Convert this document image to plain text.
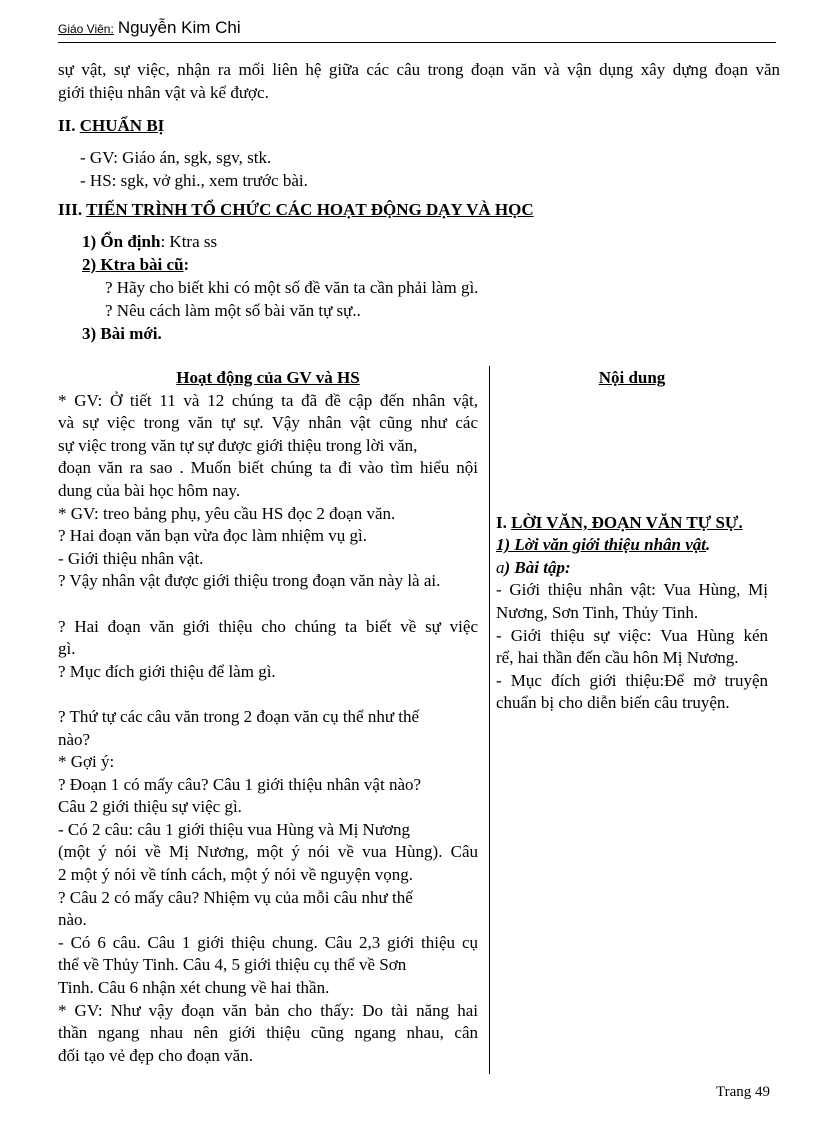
Giáo Viên: Nguyễn Kim Chi
sự vật, sự việc, nhận ra mối liên hệ giữa các câu trong đoạn văn và vận dụng xây dựng đoạn văn
giới thiệu nhân vật và kể được.
II. CHUẨN BỊ
- GV: Giáo án, sgk, sgv, stk.
- HS: sgk, vở ghi., xem trước bài.
III. TIẾN TRÌNH TỔ CHỨC CÁC HOẠT ĐỘNG DẠY VÀ HỌC
1) Ổn định: Ktra ss
2) Ktra bài cũ:
? Hãy cho biết khi có một số đề văn ta cần phải làm gì.
? Nêu cách làm một số bài văn tự sự..
3) Bài mới.
Hoạt động của GV và HS
* GV: Ở tiết 11 và 12 chúng ta đã đề cập đến nhân vật,
và sự việc trong văn tự sự. Vậy nhân vật cũng như các
sự việc trong văn tự sự được giới thiệu trong lời văn,
đoạn văn ra sao . Muốn biết chúng ta đi vào tìm hiểu nội
dung của bài học hôm nay.
* GV: treo bảng phụ, yêu cầu HS đọc 2 đoạn văn.
? Hai đoạn văn bạn vừa đọc làm nhiệm vụ gì.
- Giới thiệu nhân vật.
? Vậy nhân vật được giới thiệu trong đoạn văn này là ai.
? Hai đoạn văn giới thiệu cho chúng ta biết về sự việc
gì.
? Mục đích giới thiệu để làm gì.
? Thứ tự các câu văn trong 2 đoạn văn cụ thể như thế
nào?
* Gợi ý:
? Đoạn 1 có mấy câu? Câu 1 giới thiệu nhân vật nào?
Câu 2 giới thiệu sự việc gì.
- Có 2 câu: câu 1 giới thiệu vua Hùng và Mị Nương
(một ý nói về Mị Nương, một ý nói về vua Hùng). Câu
2 một ý nói về tính cách, một ý nói về nguyện vọng.
? Câu 2 có mấy câu? Nhiệm vụ của mỗi câu như thế
nào.
- Có 6 câu. Câu 1 giới thiệu chung. Câu 2,3 giới thiệu cụ
thể về Thủy Tinh. Câu 4, 5 giới thiệu cụ thể về Sơn
Tinh. Câu 6 nhận xét chung về hai thần.
* GV: Như vậy đoạn văn bản cho thấy: Do tài năng hai
thần ngang nhau nên giới thiệu cũng ngang nhau, cân
đối tạo vẻ đẹp cho đoạn văn.
Nội dung
I. LỜI VĂN, ĐOẠN VĂN TỰ SỰ.
1) Lời văn giới thiệu nhân vật.
a) Bài tập:
- Giới thiệu nhân vật: Vua Hùng, Mị
Nương, Sơn Tinh, Thủy Tinh.
- Giới thiệu sự việc: Vua Hùng kén
rể, hai thần đến cầu hôn Mị Nương.
- Mục đích giới thiệu:Để mở truyện
chuẩn bị cho diễn biến câu truyện.
Trang 49
